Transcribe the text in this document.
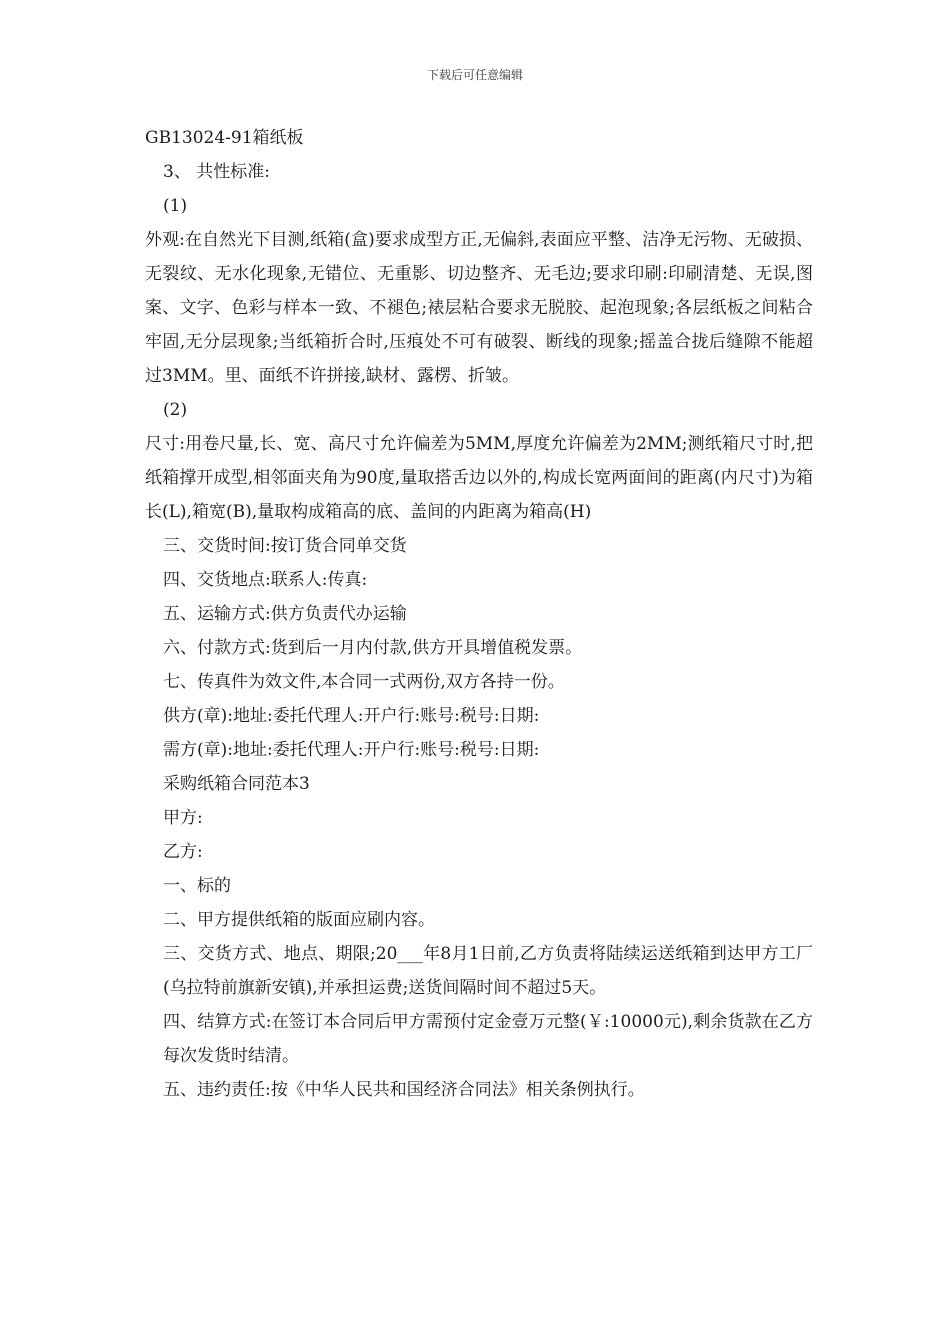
下载后可任意编辑

GB13024-91箱纸板

3、 共性标准:

(1)

外观:在自然光下目测,纸箱(盒)要求成型方正,无偏斜,表面应平整、洁净无污物、无破损、无裂纹、无水化现象,无错位、无重影、切边整齐、无毛边;要求印刷:印刷清楚、无误,图案、文字、色彩与样本一致、不褪色;裱层粘合要求无脱胶、起泡现象;各层纸板之间粘合牢固,无分层现象;当纸箱折合时,压痕处不可有破裂、断线的现象;摇盖合拢后缝隙不能超过3MM。里、面纸不许拼接,缺材、露楞、折皱。

(2)

尺寸:用卷尺量,长、宽、高尺寸允许偏差为5MM,厚度允许偏差为2MM;测纸箱尺寸时,把纸箱撑开成型,相邻面夹角为90度,量取搭舌边以外的,构成长宽两面间的距离(内尺寸)为箱长(L),箱宽(B),量取构成箱高的底、盖间的内距离为箱高(H)

三、交货时间:按订货合同单交货

四、交货地点:联系人:传真:

五、运输方式:供方负责代办运输

六、付款方式:货到后一月内付款,供方开具增值税发票。

七、传真件为效文件,本合同一式两份,双方各持一份。

供方(章):地址:委托代理人:开户行:账号:税号:日期:

需方(章):地址:委托代理人:开户行:账号:税号:日期:

采购纸箱合同范本3

甲方:

乙方:

一、标的

二、甲方提供纸箱的版面应刷内容。

三、交货方式、地点、期限;20___年8月1日前,乙方负责将陆续运送纸箱到达甲方工厂(乌拉特前旗新安镇),并承担运费;送货间隔时间不超过5天。

四、结算方式:在签订本合同后甲方需预付定金壹万元整(￥:10000元),剩余货款在乙方每次发货时结清。

五、违约责任:按《中华人民共和国经济合同法》相关条例执行。
